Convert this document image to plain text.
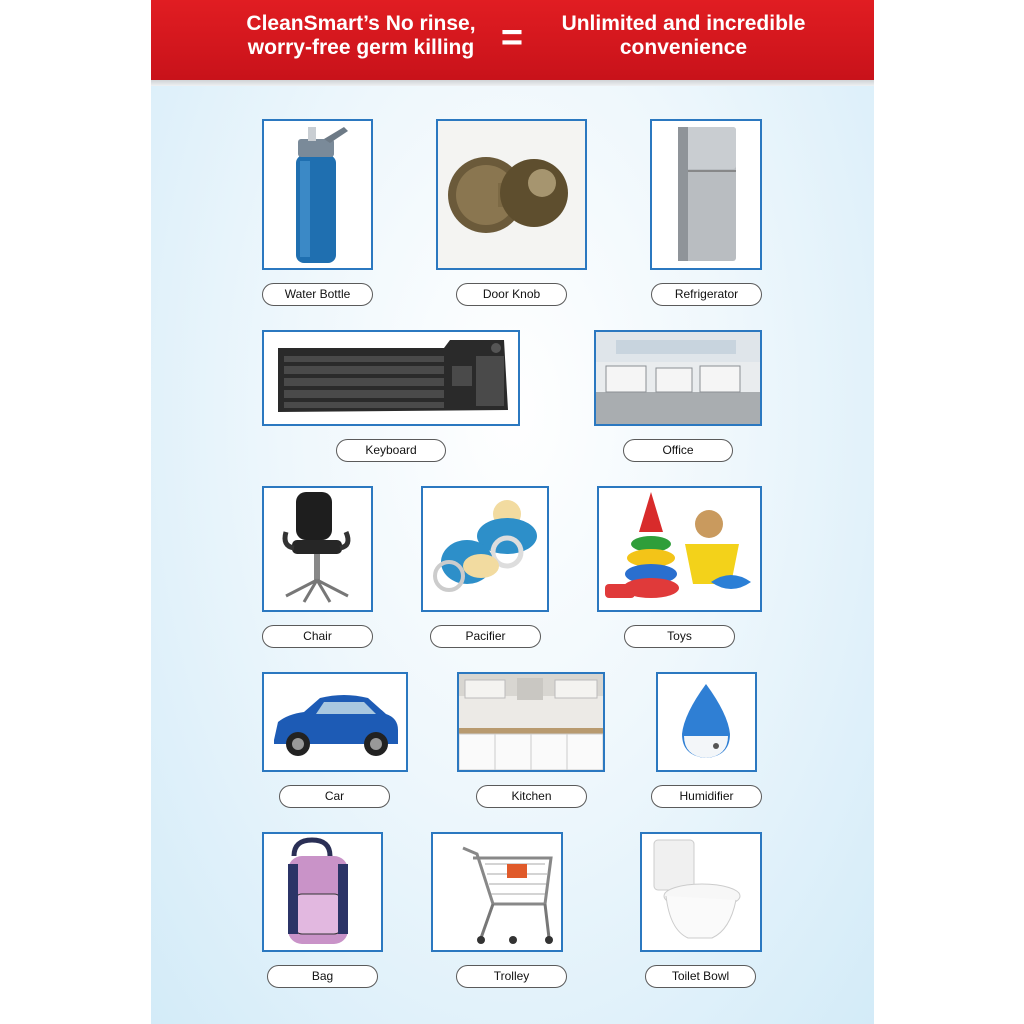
CleanSmart’s No rinse,
worry-free germ killing =	Unlimited and incredible
convenience
Water Bottle	Door Knob	Refrigerator
Keyboard	Office
Chair	Pacifier	Toys
Car	Kitchen	Humidifier
Bag	Trolley	Toilet Bowl
